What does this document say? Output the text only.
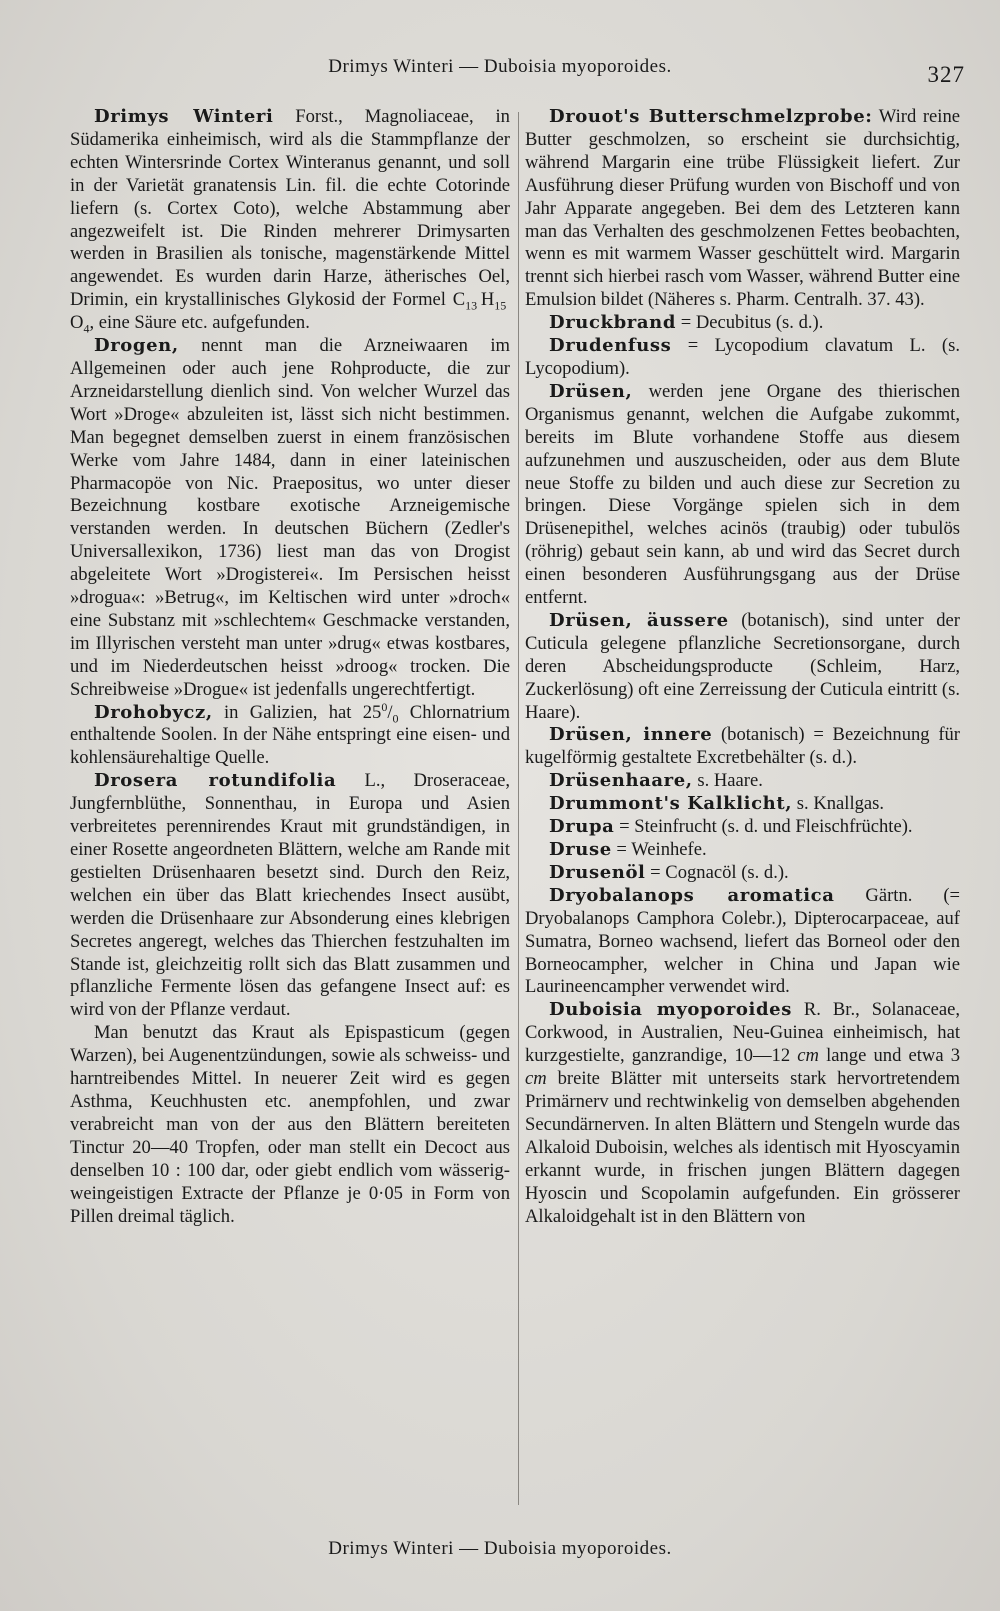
Drimys Winteri — Duboisia myoporoides.	327

Drimys Winteri Forst., Magnoliaceae, in Südamerika einheimisch, wird als die Stammpflanze der echten Wintersrinde Cortex Winteranus genannt, und soll in der Varietät granatensis Lin. fil. die echte Cotorinde liefern (s. Cortex Coto), welche Abstammung aber angezweifelt ist. Die Rinden mehrerer Drimysarten werden in Brasilien als tonische, magenstärkende Mittel angewendet. Es wurden darin Harze, ätherisches Oel, Drimin, ein krystallinisches Glykosid der Formel $C_{13}$  $H_{15}$ $O_4$, eine Säure etc. aufgefunden.

Drogen, nennt man die Arzneiwaaren im Allgemeinen oder auch jene Rohproducte, die zur Arzneidarstellung dienlich sind. Von welcher Wurzel das Wort »Droge« abzuleiten ist, lässt sich nicht bestimmen. Man begegnet demselben zuerst in einem französischen Werke vom Jahre 1484, dann in einer lateinischen Pharmacopöe von Nic. Praepositus, wo unter dieser Bezeichnung kostbare exotische Arzneigemische verstanden werden. In deutschen Büchern (Zedler's Universallexikon, 1736) liest man das von Drogist abgeleitete Wort »Drogisterei«. Im Persischen heisst »drogua«: »Betrug«, im Keltischen wird unter »droch« eine Substanz mit »schlechtem« Geschmacke verstanden, im Illyrischen versteht man unter »drug« etwas kostbares, und im Niederdeutschen heisst »droog« trocken. Die Schreibweise »Drogue« ist jedenfalls ungerechtfertigt.

Drohobycz, in Galizien, hat $25^0/_0$ Chlornatrium enthaltende Soolen. In der Nähe entspringt eine eisen- und kohlensäurehaltige Quelle.

Drosera rotundifolia L., Droseraceae, Jungfernblüthe, Sonnenthau, in Europa und Asien verbreitetes perennirendes Kraut mit grundständigen, in einer Rosette angeordneten Blättern, welche am Rande mit gestielten Drüsenhaaren besetzt sind. Durch den Reiz, welchen ein über das Blatt kriechendes Insect ausübt, werden die Drüsenhaare zur Absonderung eines klebrigen Secretes angeregt, welches das Thierchen festzuhalten im Stande ist, gleichzeitig rollt sich das Blatt zusammen und pflanzliche Fermente lösen das gefangene Insect auf: es wird von der Pflanze verdaut.

Man benutzt das Kraut als Epispasticum (gegen Warzen), bei Augenentzündungen, sowie als schweiss- und harntreibendes Mittel. In neuerer Zeit wird es gegen Asthma, Keuchhusten etc. anempfohlen, und zwar verabreicht man von der aus den Blättern bereiteten Tinctur 20—40 Tropfen, oder man stellt ein Decoct aus denselben 10 : 100 dar, oder giebt endlich vom wässerig-weingeistigen Extracte der Pflanze je 0·05 in Form von Pillen dreimal täglich.

Drouot's Butterschmelzprobe: Wird reine Butter geschmolzen, so erscheint sie durchsichtig, während Margarin eine trübe Flüssigkeit liefert. Zur Ausführung dieser Prüfung wurden von Bischoff und von Jahr Apparate angegeben. Bei dem des Letzteren kann man das Verhalten des geschmolzenen Fettes beobachten, wenn es mit warmem Wasser geschüttelt wird. Margarin trennt sich hierbei rasch vom Wasser, während Butter eine Emulsion bildet (Näheres s. Pharm. Centralh. 37. 43).

Druckbrand = Decubitus (s. d.).

Drudenfuss = Lycopodium clavatum L. (s. Lycopodium).

Drüsen, werden jene Organe des thierischen Organismus genannt, welchen die Aufgabe zukommt, bereits im Blute vorhandene Stoffe aus diesem aufzunehmen und auszuscheiden, oder aus dem Blute neue Stoffe zu bilden und auch diese zur Secretion zu bringen. Diese Vorgänge spielen sich in dem Drüsenepithel, welches acinös (traubig) oder tubulös (röhrig) gebaut sein kann, ab und wird das Secret durch einen besonderen Ausführungsgang aus der Drüse entfernt.

Drüsen, äussere (botanisch), sind unter der Cuticula gelegene pflanzliche Secretionsorgane, durch deren Abscheidungsproducte (Schleim, Harz, Zuckerlösung) oft eine Zerreissung der Cuticula eintritt (s. Haare).

Drüsen, innere (botanisch) = Bezeichnung für kugelförmig gestaltete Excretbehälter (s. d.).

Drüsenhaare, s. Haare.

Drummont's Kalklicht, s. Knallgas.

Drupa = Steinfrucht (s. d. und Fleischfrüchte).

Druse = Weinhefe.

Drusenöl = Cognacöl (s. d.).

Dryobalanops aromatica Gärtn. (= Dryobalanops Camphora Colebr.), Dipterocarpaceae, auf Sumatra, Borneo wachsend, liefert das Borneol oder den Borneocampher, welcher in China und Japan wie Laurineencampher verwendet wird.

Duboisia myoporoides R. Br., Solanaceae, Corkwood, in Australien, Neu-Guinea einheimisch, hat kurzgestielte, ganzrandige, 10—12 cm lange und etwa 3 cm breite Blätter mit unterseits stark hervortretendem Primärnerv und rechtwinkelig von demselben abgehenden Secundärnerven. In alten Blättern und Stengeln wurde das Alkaloid Duboisin, welches als identisch mit Hyoscyamin erkannt wurde, in frischen jungen Blättern dagegen Hyoscin und Scopolamin aufgefunden. Ein grösserer Alkaloidgehalt ist in den Blättern von

Drimys Winteri — Duboisia myoporoides.
